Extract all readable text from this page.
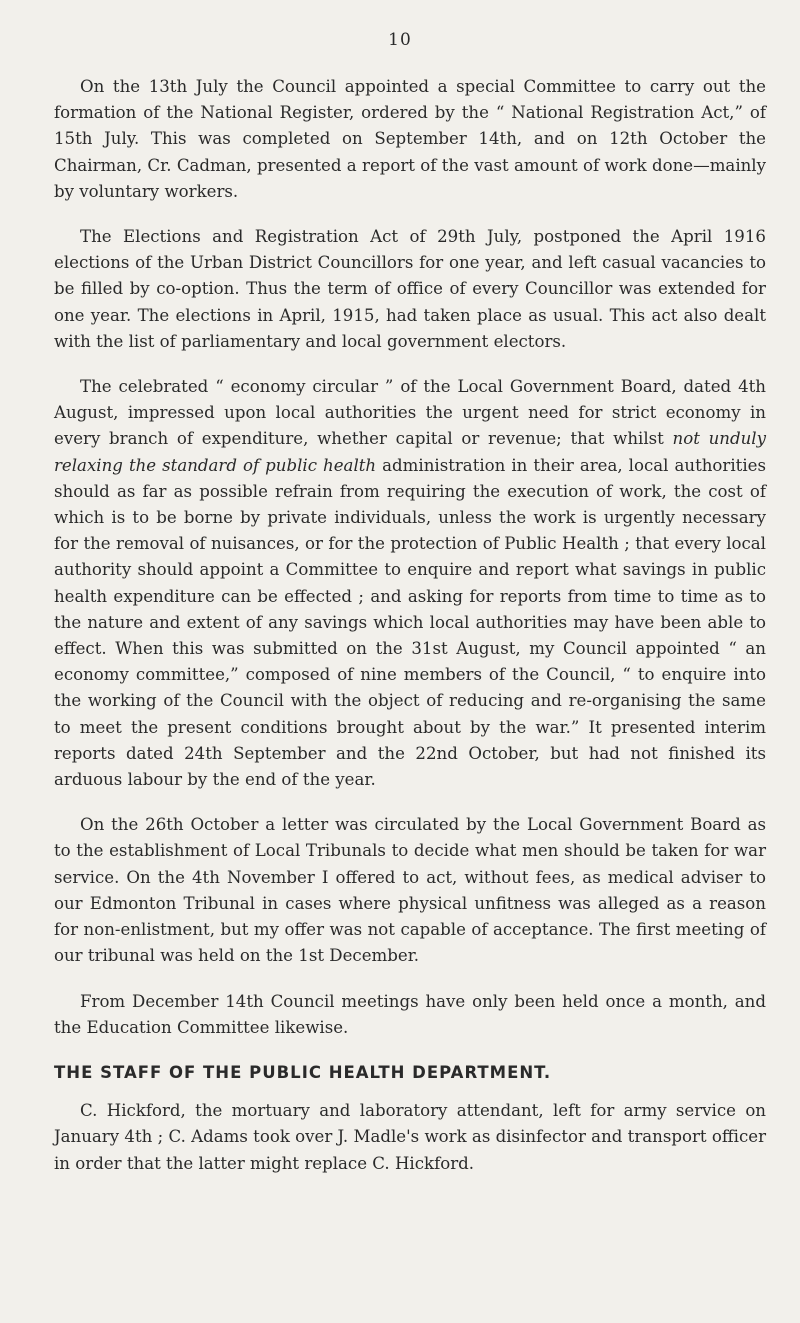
10

On the 13th July the Council appointed a special Committee to carry out the formation of the National Register, ordered by the “ National Registration Act,” of 15th July. This was completed on September 14th, and on 12th October the Chairman, Cr. Cadman, presented a report of the vast amount of work done—mainly by voluntary workers.

The Elections and Registration Act of 29th July, postponed the April 1916 elections of the Urban District Councillors for one year, and left casual vacancies to be filled by co-option. Thus the term of office of every Councillor was extended for one year. The elections in April, 1915, had taken place as usual. This act also dealt with the list of parliamentary and local government electors.

The celebrated “ economy circular ” of the Local Government Board, dated 4th August, impressed upon local authorities the urgent need for strict economy in every branch of expenditure, whether capital or revenue; that whilst not unduly relaxing the standard of public health administration in their area, local authorities should as far as possible refrain from requiring the execution of work, the cost of which is to be borne by private individuals, unless the work is urgently necessary for the removal of nuisances, or for the protection of Public Health ; that every local authority should appoint a Committee to enquire and report what savings in public health expenditure can be effected ; and asking for reports from time to time as to the nature and extent of any savings which local authorities may have been able to effect. When this was submitted on the 31st August, my Council appointed “ an economy committee,” composed of nine members of the Council, “ to enquire into the working of the Council with the object of reducing and re-organising the same to meet the present conditions brought about by the war.” It presented interim reports dated 24th September and the 22nd October, but had not finished its arduous labour by the end of the year.

On the 26th October a letter was circulated by the Local Government Board as to the establishment of Local Tribunals to decide what men should be taken for war service. On the 4th November I offered to act, without fees, as medical adviser to our Edmonton Tribunal in cases where physical unfitness was alleged as a reason for non-enlistment, but my offer was not capable of acceptance. The first meeting of our tribunal was held on the 1st December.

From December 14th Council meetings have only been held once a month, and the Education Committee likewise.

THE STAFF OF THE PUBLIC HEALTH DEPARTMENT.

C. Hickford, the mortuary and laboratory attendant, left for army service on January 4th ; C. Adams took over J. Madle's work as disinfector and transport officer in order that the latter might replace C. Hickford.
